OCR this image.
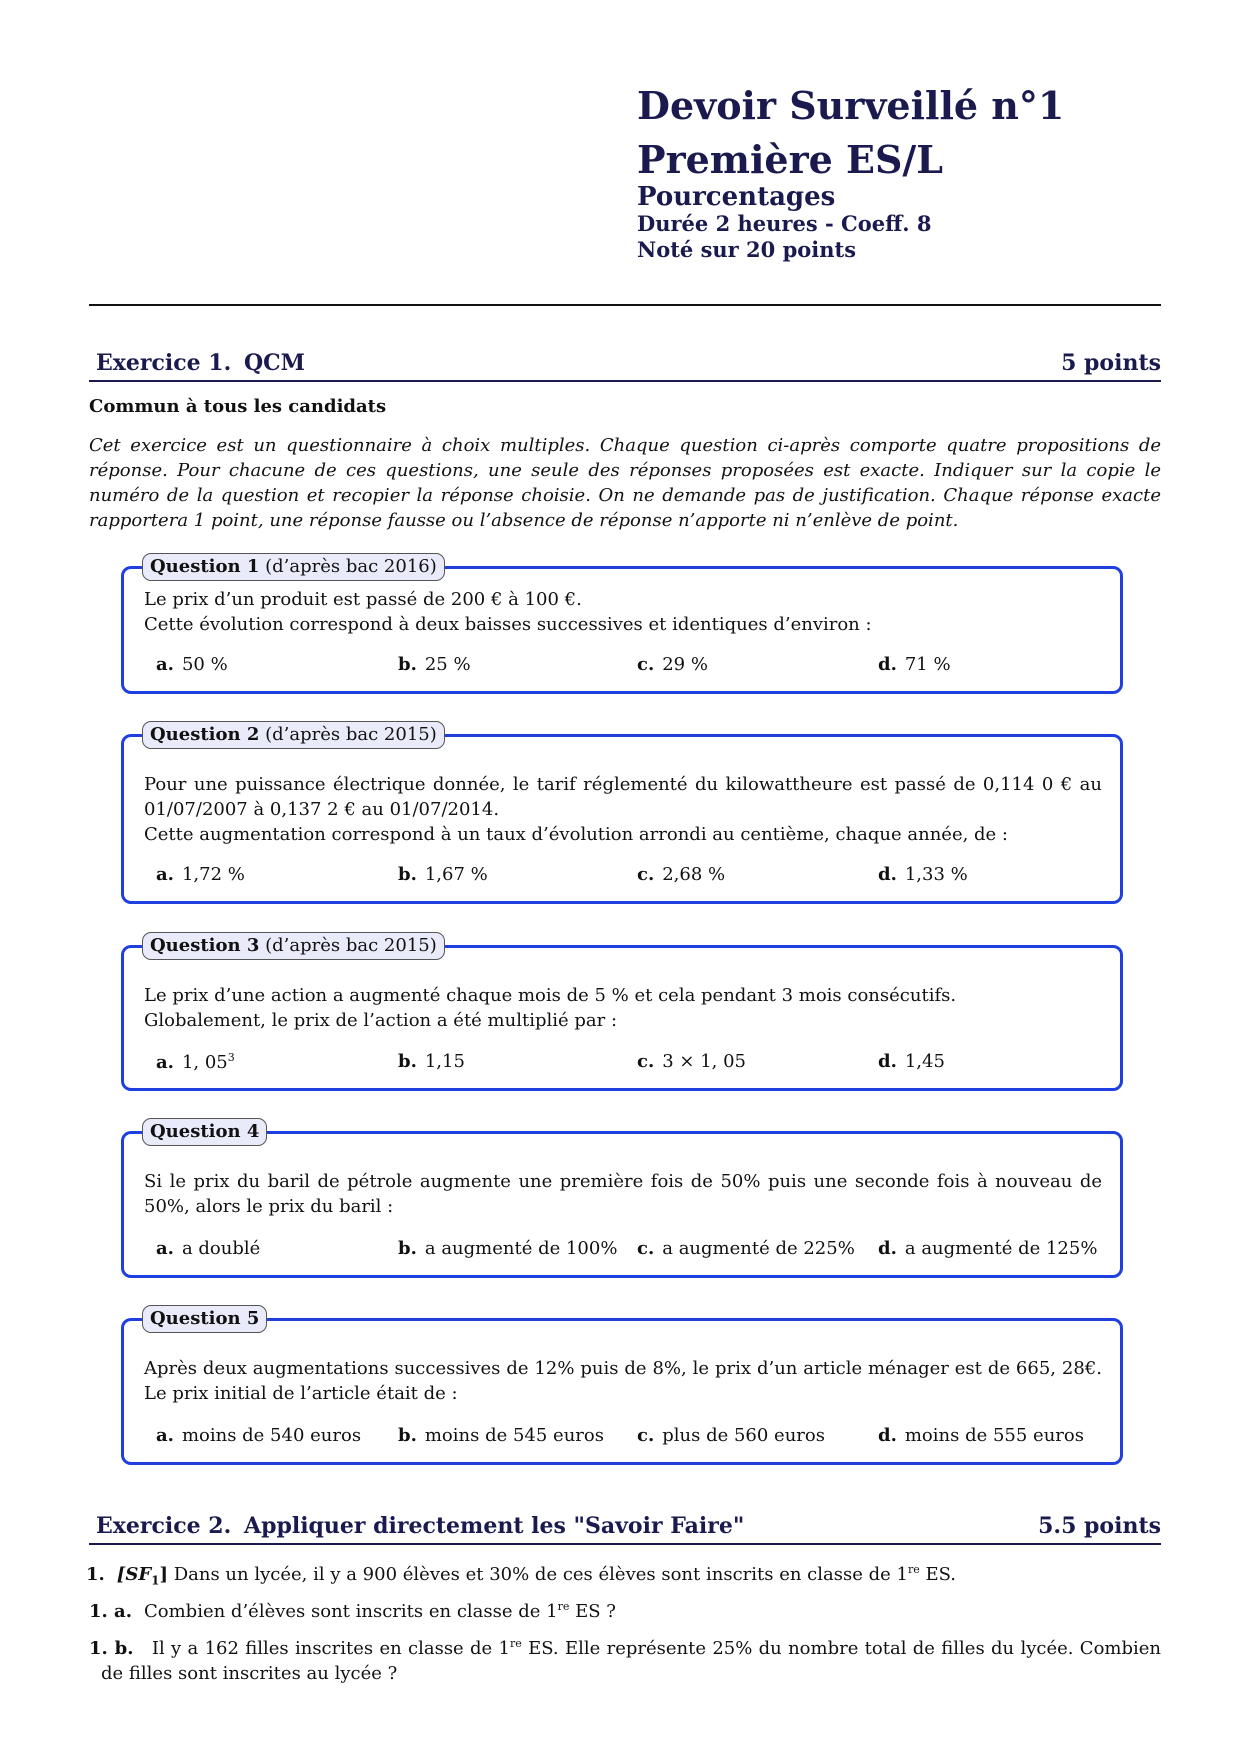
Devoir Surveillé n°1
Première ES/L
Pourcentages
Durée 2 heures - Coeff. 8
Noté sur 20 points
Exercice 1. QCM	5 points
Commun à tous les candidats
Cet exercice est un questionnaire à choix multiples. Chaque question ci-après comporte quatre propositions de réponse. Pour chacune de ces questions, une seule des réponses proposées est exacte. Indiquer sur la copie le numéro de la question et recopier la réponse choisie. On ne demande pas de justification. Chaque réponse exacte rapportera 1 point, une réponse fausse ou l’absence de réponse n’apporte ni n’enlève de point.
Question 1 (d’après bac 2016)
Le prix d’un produit est passé de 200 € à 100 €.
Cette évolution correspond à deux baisses successives et identiques d’environ :
a. 50 %	b. 25 %	c. 29 %	d. 71 %
Question 2 (d’après bac 2015)
Pour une puissance électrique donnée, le tarif réglementé du kilowattheure est passé de 0,114 0 € au 01/07/2007 à 0,137 2 € au 01/07/2014.
Cette augmentation correspond à un taux d’évolution arrondi au centième, chaque année, de :
a. 1,72 %	b. 1,67 %	c. 2,68 %	d. 1,33 %
Question 3 (d’après bac 2015)
Le prix d’une action a augmenté chaque mois de 5 % et cela pendant 3 mois consécutifs.
Globalement, le prix de l’action a été multiplié par :
a. 1, $05^3$	b. 1,15	c. 3 × 1, 05	d. 1,45
Question 4
Si le prix du baril de pétrole augmente une première fois de 50% puis une seconde fois à nouveau de 50%, alors le prix du baril :
a. a doublé	b. a augmenté de 100% c. a augmenté de 225% d. a augmenté de 125%
Question 5
Après deux augmentations successives de 12% puis de 8%, le prix d’un article ménager est de 665, 28€. Le prix initial de l’article était de :
a. moins de 540 euros b. moins de 545 euros c. plus de 560 euros	d. moins de 555 euros
Exercice 2. Appliquer directement les "Savoir Faire"	5.5 points
1. $[SF_1]$ Dans un lycée, il y a 900 élèves et 30% de ces élèves sont inscrits en classe de 1re ES.
1. a. Combien d’élèves sont inscrits en classe de 1re ES ?
1. b. Il y a 162 filles inscrites en classe de 1re ES. Elle représente 25% du nombre total de filles du lycée. Combien de filles sont inscrites au lycée ?
